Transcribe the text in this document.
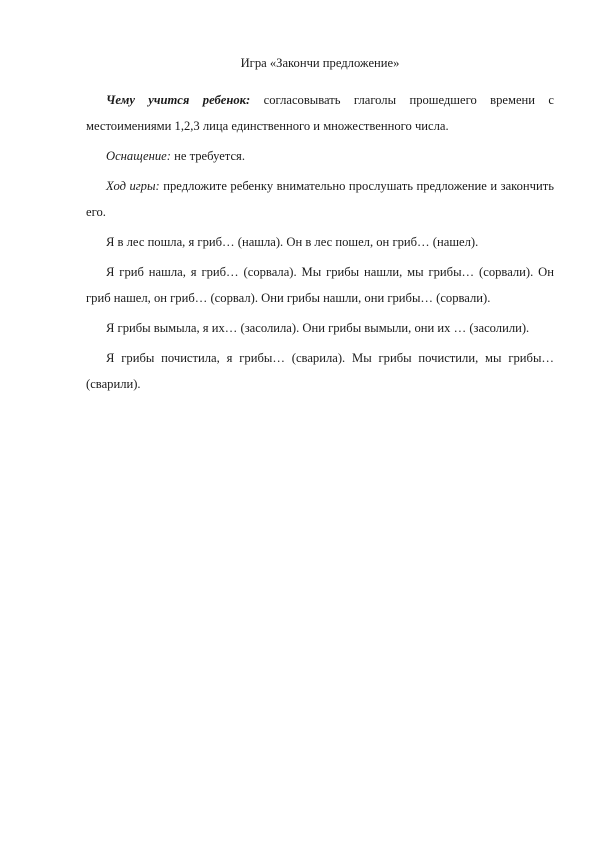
Игра «Закончи предложение»

Чему учится ребенок: согласовывать глаголы прошедшего времени с местоимениями 1,2,3 лица единственного и множественного числа.

Оснащение: не требуется.

Ход игры: предложите ребенку внимательно прослушать предложение и закончить его.

Я в лес пошла, я гриб… (нашла). Он в лес пошел, он гриб… (нашел).

Я гриб нашла, я гриб… (сорвала). Мы грибы нашли, мы грибы… (сорвали). Он гриб нашел, он гриб… (сорвал). Они грибы нашли, они грибы… (сорвали).

Я грибы вымыла, я их… (засолила). Они грибы вымыли, они их … (засолили).

Я грибы почистила, я грибы… (сварила). Мы грибы почистили, мы грибы… (сварили).
